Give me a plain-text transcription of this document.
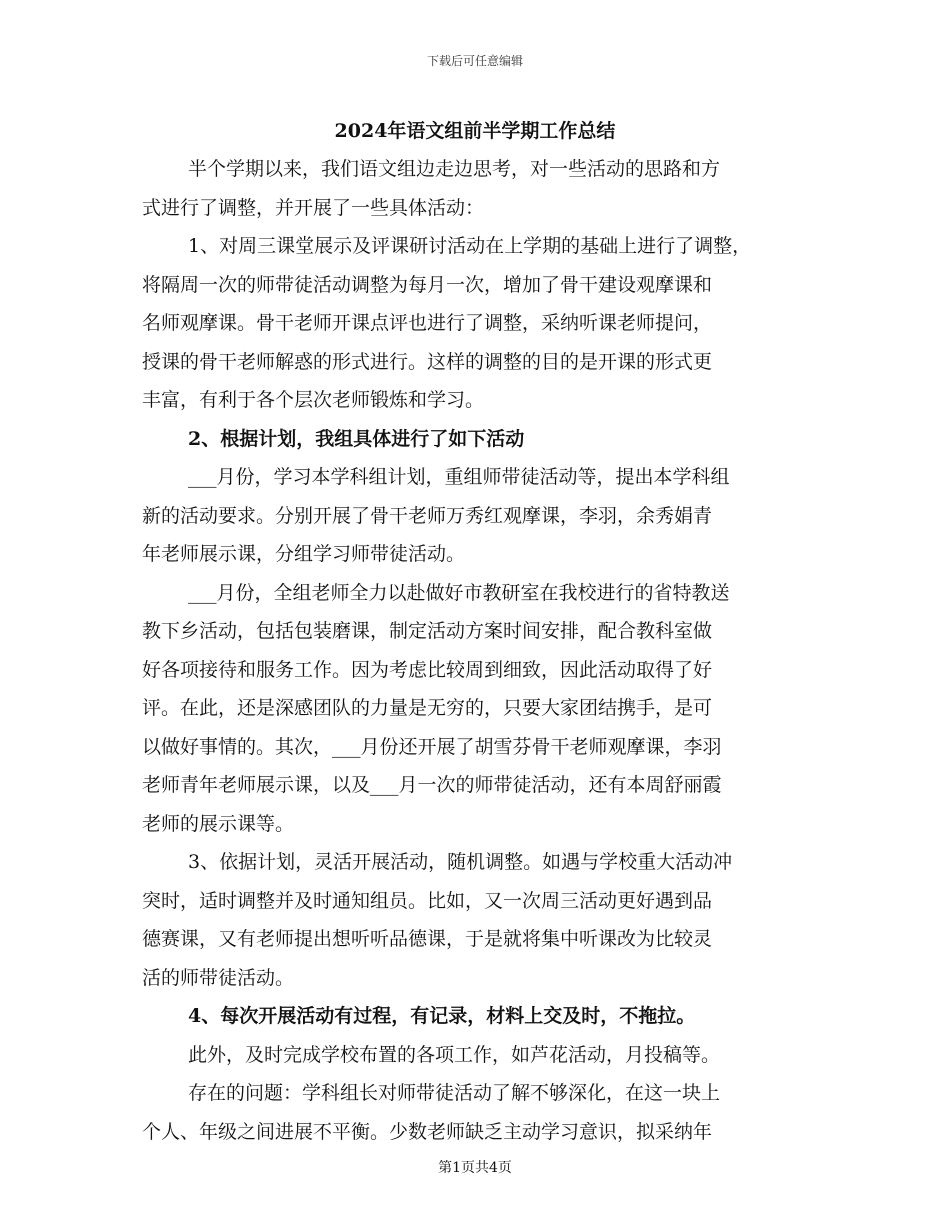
下载后可任意编辑
2024年语文组前半学期工作总结
半个学期以来，我们语文组边走边思考，对一些活动的思路和方
式进行了调整，并开展了一些具体活动：
1、对周三课堂展示及评课研讨活动在上学期的基础上进行了调整，
将隔周一次的师带徒活动调整为每月一次，增加了骨干建设观摩课和
名师观摩课。骨干老师开课点评也进行了调整，采纳听课老师提问，
授课的骨干老师解惑的形式进行。这样的调整的目的是开课的形式更
丰富，有利于各个层次老师锻炼和学习。
2、根据计划，我组具体进行了如下活动
___月份，学习本学科组计划，重组师带徒活动等，提出本学科组
新的活动要求。分别开展了骨干老师万秀红观摩课，李羽，余秀娟青
年老师展示课，分组学习师带徒活动。
___月份，全组老师全力以赴做好市教研室在我校进行的省特教送
教下乡活动，包括包装磨课，制定活动方案时间安排，配合教科室做
好各项接待和服务工作。因为考虑比较周到细致，因此活动取得了好
评。在此，还是深感团队的力量是无穷的，只要大家团结携手，是可
以做好事情的。其次，___月份还开展了胡雪芬骨干老师观摩课，李羽
老师青年老师展示课，以及___月一次的师带徒活动，还有本周舒丽霞
老师的展示课等。
3、依据计划，灵活开展活动，随机调整。如遇与学校重大活动冲
突时，适时调整并及时通知组员。比如，又一次周三活动更好遇到品
德赛课，又有老师提出想听听品德课，于是就将集中听课改为比较灵
活的师带徒活动。
4、每次开展活动有过程，有记录，材料上交及时，不拖拉。
此外，及时完成学校布置的各项工作，如芦花活动，月投稿等。
存在的问题：学科组长对师带徒活动了解不够深化，在这一块上
个人、年级之间进展不平衡。少数老师缺乏主动学习意识，拟采纳年
第1页共4页
